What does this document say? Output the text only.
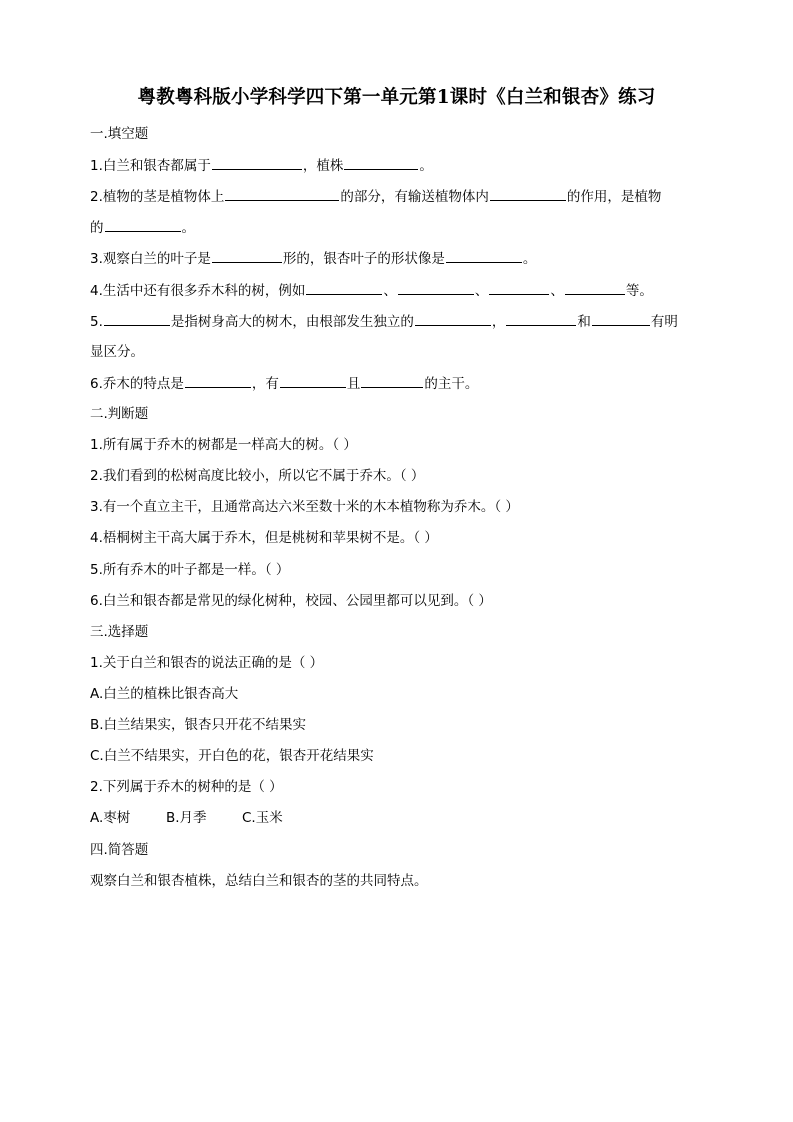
粤教粤科版小学科学四下第一单元第1课时《白兰和银杏》练习
一.填空题
1.白兰和银杏都属于	，植株	。
2.植物的茎是植物体上	的部分，有输送植物体内	的作用，是植物
的	。
3.观察白兰的叶子是	形的，银杏叶子的形状像是	。
4.生活中还有很多乔木科的树，例如	、	、	、	等。
5.	是指树身高大的树木，由根部发生独立的	，	和	有明
显区分。
6.乔木的特点是	，有	且	的主干。
二.判断题
1.所有属于乔木的树都是一样高大的树。（ ）
2.我们看到的松树高度比较小，所以它不属于乔木。（ ）
3.有一个直立主干，且通常高达六米至数十米的木本植物称为乔木。（ ）
4.梧桐树主干高大属于乔木，但是桃树和苹果树不是。（ ）
5.所有乔木的叶子都是一样。（ ）
6.白兰和银杏都是常见的绿化树种，校园、公园里都可以见到。（ ）
三.选择题
1.关于白兰和银杏的说法正确的是（ ）
A.白兰的植株比银杏高大
B.白兰结果实，银杏只开花不结果实
C.白兰不结果实，开白色的花，银杏开花结果实
2.下列属于乔木的树种的是（ ）
A.枣树	B.月季	C.玉米
四.简答题
观察白兰和银杏植株，总结白兰和银杏的茎的共同特点。
